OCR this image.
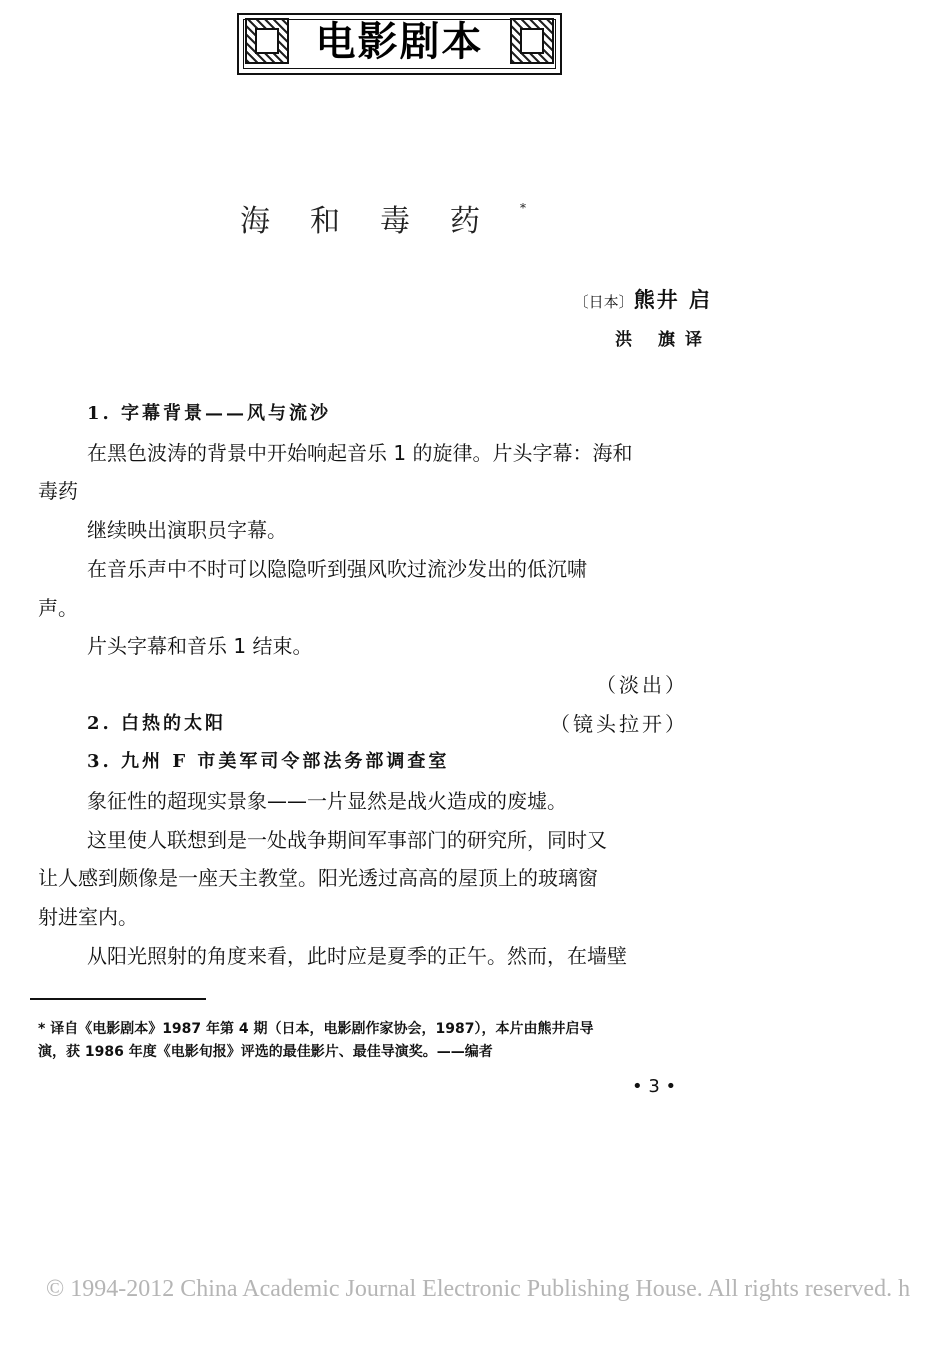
电影剧本
海和毒药*
〔日本〕熊井 启
洪 旗译
1. 字幕背景——风与流沙
在黑色波涛的背景中开始响起音乐 1 的旋律。片头字幕：海和
毒药
继续映出演职员字幕。
在音乐声中不时可以隐隐听到强风吹过流沙发出的低沉啸
声。
片头字幕和音乐 1 结束。
（淡出）
2. 白热的太阳	（镜头拉开）
3. 九州 F 市美军司令部法务部调查室
象征性的超现实景象——一片显然是战火造成的废墟。
这里使人联想到是一处战争期间军事部门的研究所，同时又
让人感到颇像是一座天主教堂。阳光透过高高的屋顶上的玻璃窗
射进室内。
从阳光照射的角度来看，此时应是夏季的正午。然而，在墙壁
* 译自《电影剧本》1987 年第 4 期（日本，电影剧作家协会，1987），本片由熊井启导
演，获 1986 年度《电影旬报》评选的最佳影片、最佳导演奖。——编者
• 3 •
© 1994-2012 China Academic Journal Electronic Publishing House. All rights reserved. h
